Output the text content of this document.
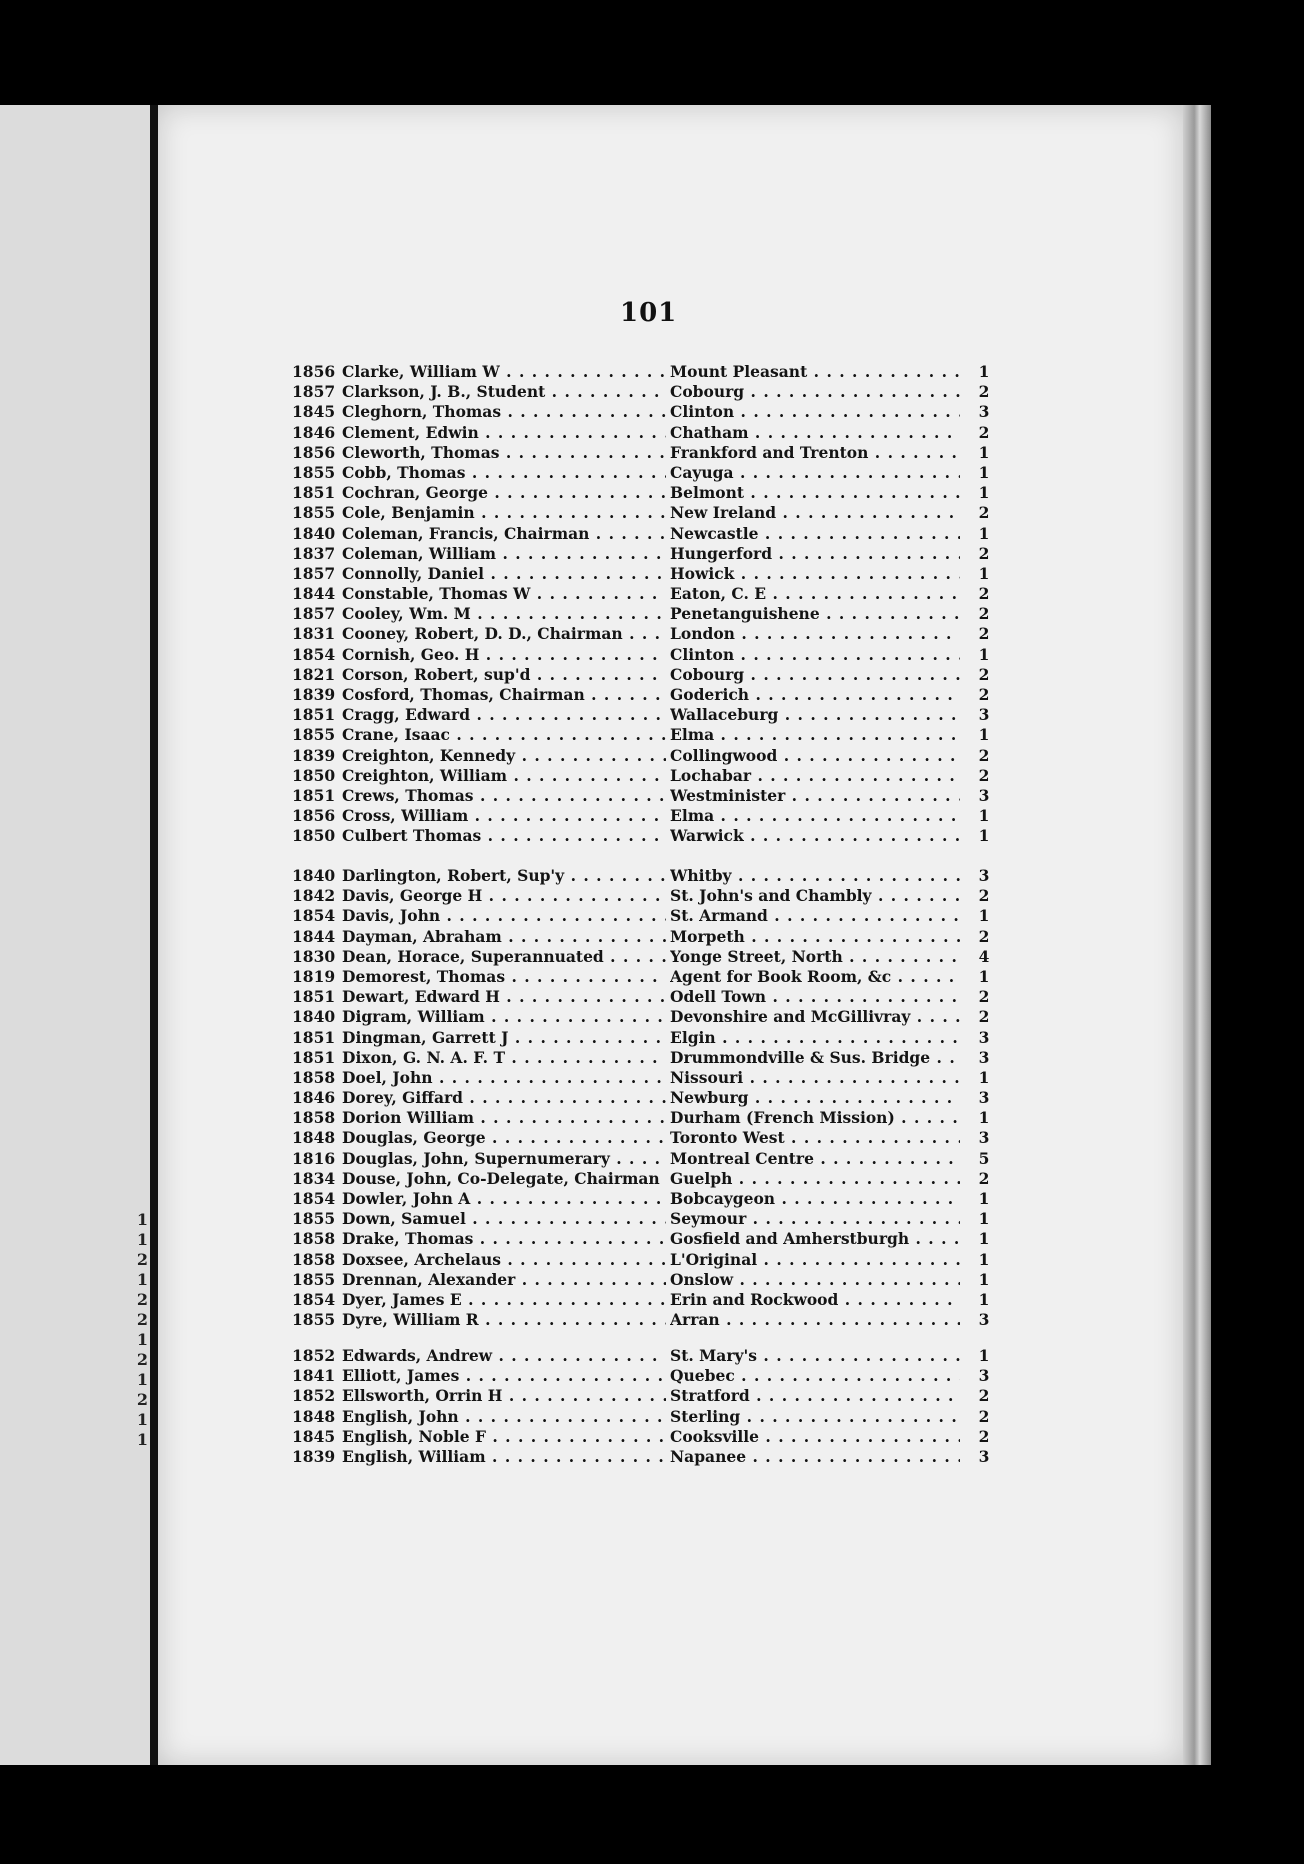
1
1
2
1
2
2
1
2
1
2
1
1
101
1856 Clarke, William W . . .	Mount Pleasant . . .	1
1857 Clarkson, J. B., Student . . .	Cobourg . . .	2
1845 Cleghorn, Thomas . . .	Clinton . . .	3
1846 Clement, Edwin . . .	Chatham . . .	2
1856 Cleworth, Thomas . . .	Frankford and Trenton . . .	1
1855 Cobb, Thomas . . .	Cayuga . . .	1
1851 Cochran, George . . .	Belmont . . .	1
1855 Cole, Benjamin . . .	New Ireland . . .	2
1840 Coleman, Francis, Chairman . . .	Newcastle . . .	1
1837 Coleman, William . . .	Hungerford . . .	2
1857 Connolly, Daniel . . .	Howick . . .	1
1844 Constable, Thomas W . . .	Eaton, C. E . . .	2
1857 Cooley, Wm. M . . .	Penetanguishene . . .	2
1831 Cooney, Robert, D. D., Chairman . . .	London . . .	2
1854 Cornish, Geo. H . . .	Clinton . . .	1
1821 Corson, Robert, sup'd . . .	Cobourg . . .	2
1839 Cosford, Thomas, Chairman . . .	Goderich . . .	2
1851 Cragg, Edward . . .	Wallaceburg . . .	3
1855 Crane, Isaac . . .	Elma . . .	1
1839 Creighton, Kennedy . . .	Collingwood . . .	2
1850 Creighton, William . . .	Lochabar . . .	2
1851 Crews, Thomas . . .	Westminister . . .	3
1856 Cross, William . . .	Elma . . .	1
1850 Culbert Thomas . . .	Warwick . . .	1
1840 Darlington, Robert, Sup'y . . .	Whitby . . .	3
1842 Davis, George H . . .	St. John's and Chambly . . .	2
1854 Davis, John . . .	St. Armand . . .	1
1844 Dayman, Abraham . . .	Morpeth . . .	2
1830 Dean, Horace, Superannuated . . .	Yonge Street, North . . .	4
1819 Demorest, Thomas . . .	Agent for Book Room, &c . . .	1
1851 Dewart, Edward H . . .	Odell Town . . .	2
1840 Digram, William . . .	Devonshire and McGillivray . . .	2
1851 Dingman, Garrett J . . .	Elgin . . .	3
1851 Dixon, G. N. A. F. T . . .	Drummondville & Sus. Bridge . . .	3
1858 Doel, John . . .	Nissouri . . .	1
1846 Dorey, Giffard . . .	Newburg . . .	3
1858 Dorion William . . .	Durham (French Mission) . . .	1
1848 Douglas, George . . .	Toronto West . . .	3
1816 Douglas, John, Supernumerary . . .	Montreal Centre . . .	5
1834 Douse, John, Co-Delegate, Chairman . . . Guelph . . .	2
1854 Dowler, John A . . .	Bobcaygeon . . .	1
1855 Down, Samuel . . .	Seymour . . .	1
1858 Drake, Thomas . . .	Gosfield and Amherstburgh . . .	1
1858 Doxsee, Archelaus . . .	L'Original . . .	1
1855 Drennan, Alexander . . .	Onslow . . .	1
1854 Dyer, James E . . .	Erin and Rockwood . . .	1
1855 Dyre, William R . . .	Arran . . .	3
1852 Edwards, Andrew . . .	St. Mary's . . .	1
1841 Elliott, James . . .	Quebec . . .	3
1852 Ellsworth, Orrin H . . .	Stratford . . .	2
1848 English, John . . .	Sterling . . .	2
1845 English, Noble F . . .	Cooksville . . .	2
1839 English, William . . .	Napanee . . .	3
